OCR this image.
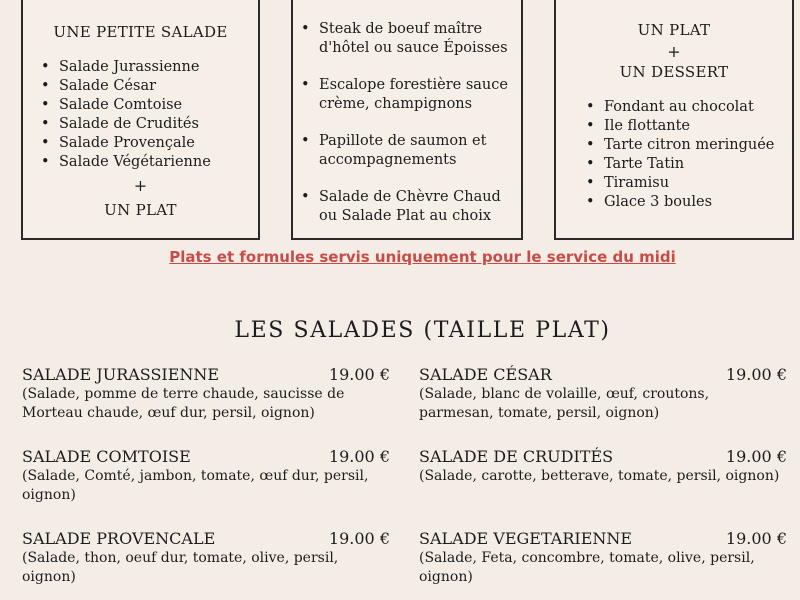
UNE PETITE SALADE
• Salade Jurassienne
• Salade César
• Salade Comtoise
• Salade de Crudités
• Salade Provençale
• Salade Végétarienne
+
UN PLAT
• Steak de boeuf maître d'hôtel ou sauce Époisses
• Escalope forestière sauce crème, champignons
• Papillote de saumon et accompagnements
• Salade de Chèvre Chaud ou Salade Plat au choix
UN PLAT
+
UN DESSERT
• Fondant au chocolat
• Ile flottante
• Tarte citron meringuée
• Tarte Tatin
• Tiramisu
• Glace 3 boules
Plats et formules servis uniquement pour le service du midi
LES SALADES (TAILLE PLAT)
SALADE JURASSIENNE	19.00 €
(Salade, pomme de terre chaude, saucisse de Morteau chaude, œuf dur, persil, oignon)
SALADE CÉSAR	19.00 €
(Salade, blanc de volaille, œuf, croutons, parmesan, tomate, persil, oignon)
SALADE COMTOISE	19.00 €
(Salade, Comté, jambon, tomate, œuf dur, persil, oignon)
SALADE DE CRUDITÉS	19.00 €
(Salade, carotte, betterave, tomate, persil, oignon)
SALADE PROVENCALE	19.00 €
(Salade, thon, oeuf dur, tomate, olive, persil, oignon)
SALADE VEGETARIENNE	19.00 €
(Salade, Feta, concombre, tomate, olive, persil, oignon)
